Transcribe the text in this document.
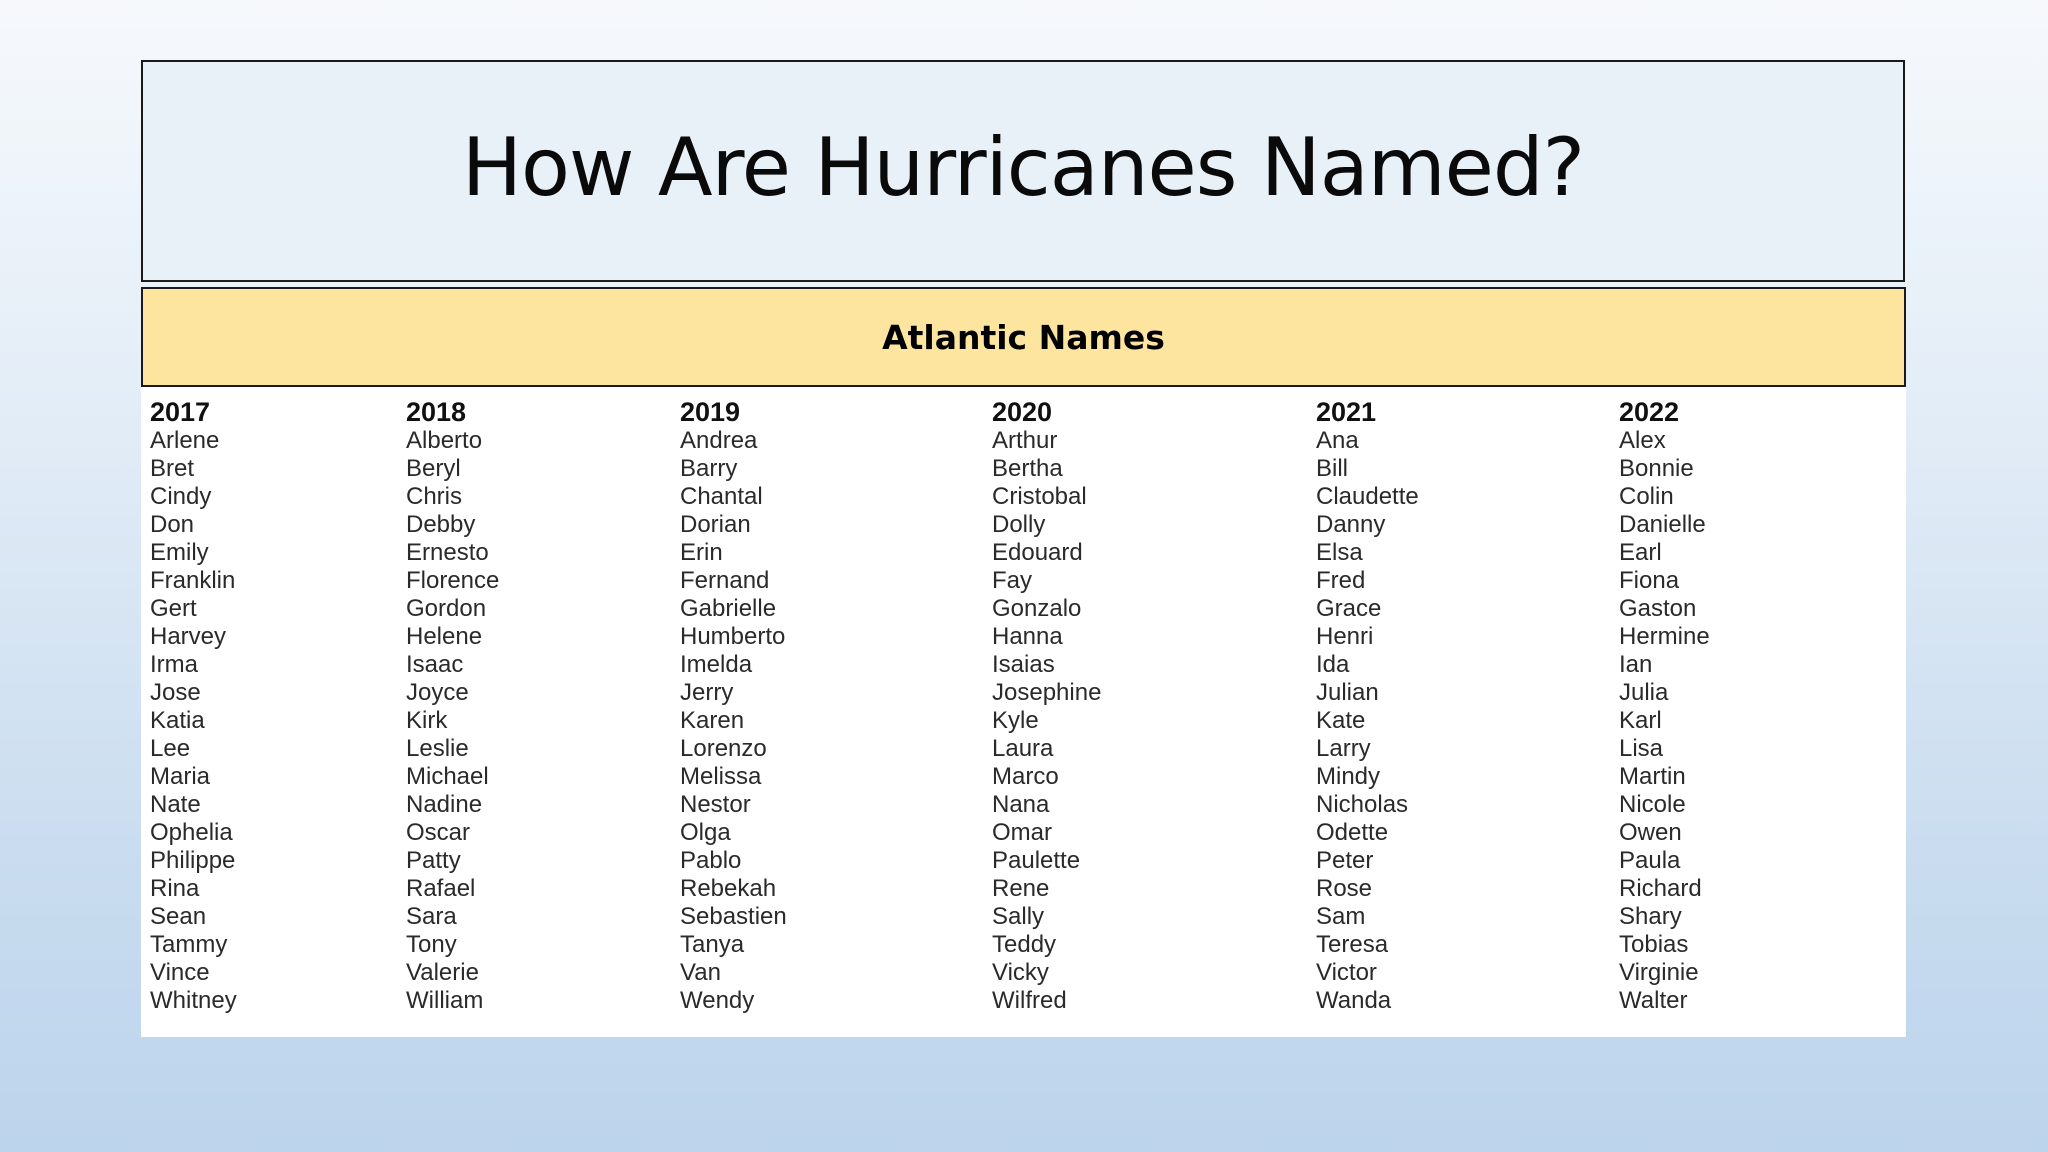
How Are Hurricanes Named?
Atlantic Names
2017
Arlene
Bret
Cindy
Don
Emily
Franklin
Gert
Harvey
Irma
Jose
Katia
Lee
Maria
Nate
Ophelia
Philippe
Rina
Sean
Tammy
Vince
Whitney
2018
Alberto
Beryl
Chris
Debby
Ernesto
Florence
Gordon
Helene
Isaac
Joyce
Kirk
Leslie
Michael
Nadine
Oscar
Patty
Rafael
Sara
Tony
Valerie
William
2019
Andrea
Barry
Chantal
Dorian
Erin
Fernand
Gabrielle
Humberto
Imelda
Jerry
Karen
Lorenzo
Melissa
Nestor
Olga
Pablo
Rebekah
Sebastien
Tanya
Van
Wendy
2020
Arthur
Bertha
Cristobal
Dolly
Edouard
Fay
Gonzalo
Hanna
Isaias
Josephine
Kyle
Laura
Marco
Nana
Omar
Paulette
Rene
Sally
Teddy
Vicky
Wilfred
2021
Ana
Bill
Claudette
Danny
Elsa
Fred
Grace
Henri
Ida
Julian
Kate
Larry
Mindy
Nicholas
Odette
Peter
Rose
Sam
Teresa
Victor
Wanda
2022
Alex
Bonnie
Colin
Danielle
Earl
Fiona
Gaston
Hermine
Ian
Julia
Karl
Lisa
Martin
Nicole
Owen
Paula
Richard
Shary
Tobias
Virginie
Walter
